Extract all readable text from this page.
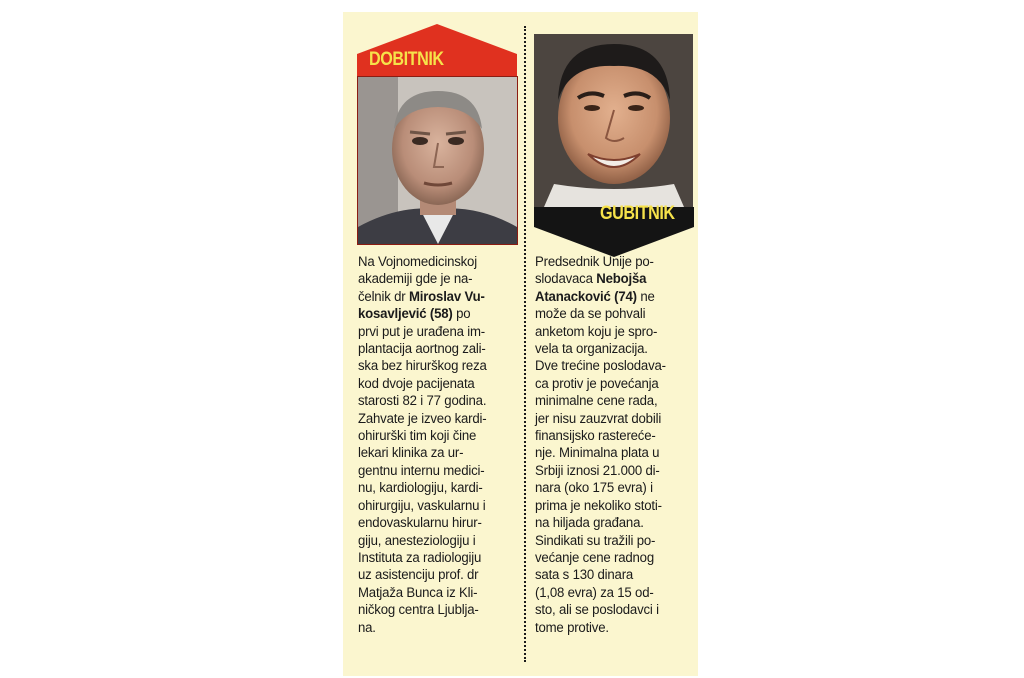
DOBITNIK

Na Vojnomedicinskoj
akademiji gde je na-
čelnik dr Miroslav Vu-
kosavljević (58) po
prvi put je urađena im-
plantacija aortnog zali-
ska bez hirurškog reza
kod dvoje pacijenata
starosti 82 i 77 godina.
Zahvate je izveo kardi-
ohirurški tim koji čine
lekari klinika za ur-
gentnu internu medici-
nu, kardiologiju, kardi-
ohirurgiju, vaskularnu i
endovaskularnu hirur-
giju, anesteziologiju i
Instituta za radiologiju
uz asistenciju prof. dr
Matjaža Bunca iz Kli-
ničkog centra Ljublja-
na.

GUBITNIK

Predsednik Unije po-
slodavaca Nebojša
Atanacković (74) ne
može da se pohvali
anketom koju je spro-
vela ta organizacija.
Dve trećine poslodava-
ca protiv je povećanja
minimalne cene rada,
jer nisu zauzvrat dobili
finansijsko rastereće-
nje. Minimalna plata u
Srbiji iznosi 21.000 di-
nara (oko 175 evra) i
prima je nekoliko stoti-
na hiljada građana.
Sindikati su tražili po-
većanje cene radnog
sata s 130 dinara
(1,08 evra) za 15 od-
sto, ali se poslodavci i
tome protive.
